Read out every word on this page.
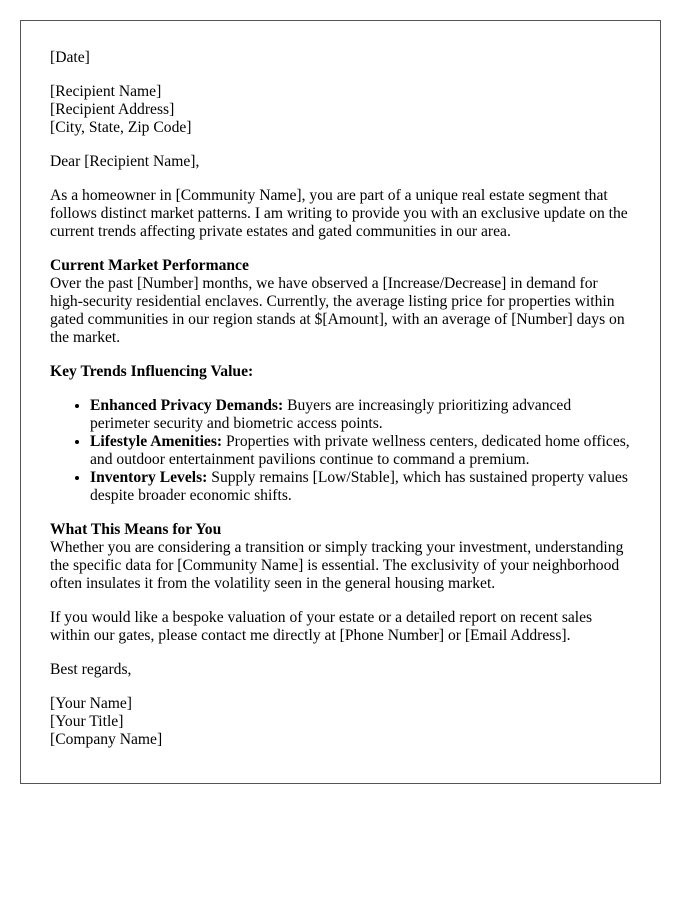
[Date]
[Recipient Name]
[Recipient Address]
[City, State, Zip Code]

Dear [Recipient Name],

As a homeowner in [Community Name], you are part of a unique real estate segment that follows distinct market patterns. I am writing to provide you with an exclusive update on the current trends affecting private estates and gated communities in our area.

Current Market Performance
Over the past [Number] months, we have observed a [Increase/Decrease] in demand for high-security residential enclaves. Currently, the average listing price for properties within gated communities in our region stands at $[Amount], with an average of [Number] days on the market.
Key Trends Influencing Value:
• Enhanced Privacy Demands: Buyers are increasingly prioritizing advanced perimeter security and biometric access points.
• Lifestyle Amenities: Properties with private wellness centers, dedicated home offices, and outdoor entertainment pavilions continue to command a premium.
• Inventory Levels: Supply remains [Low/Stable], which has sustained property values despite broader economic shifts.
What This Means for You
Whether you are considering a transition or simply tracking your investment, understanding the specific data for [Community Name] is essential. The exclusivity of your neighborhood often insulates it from the volatility seen in the general housing market.

If you would like a bespoke valuation of your estate or a detailed report on recent sales within our gates, please contact me directly at [Phone Number] or [Email Address].

Best regards,

[Your Name]
[Your Title]
[Company Name]
